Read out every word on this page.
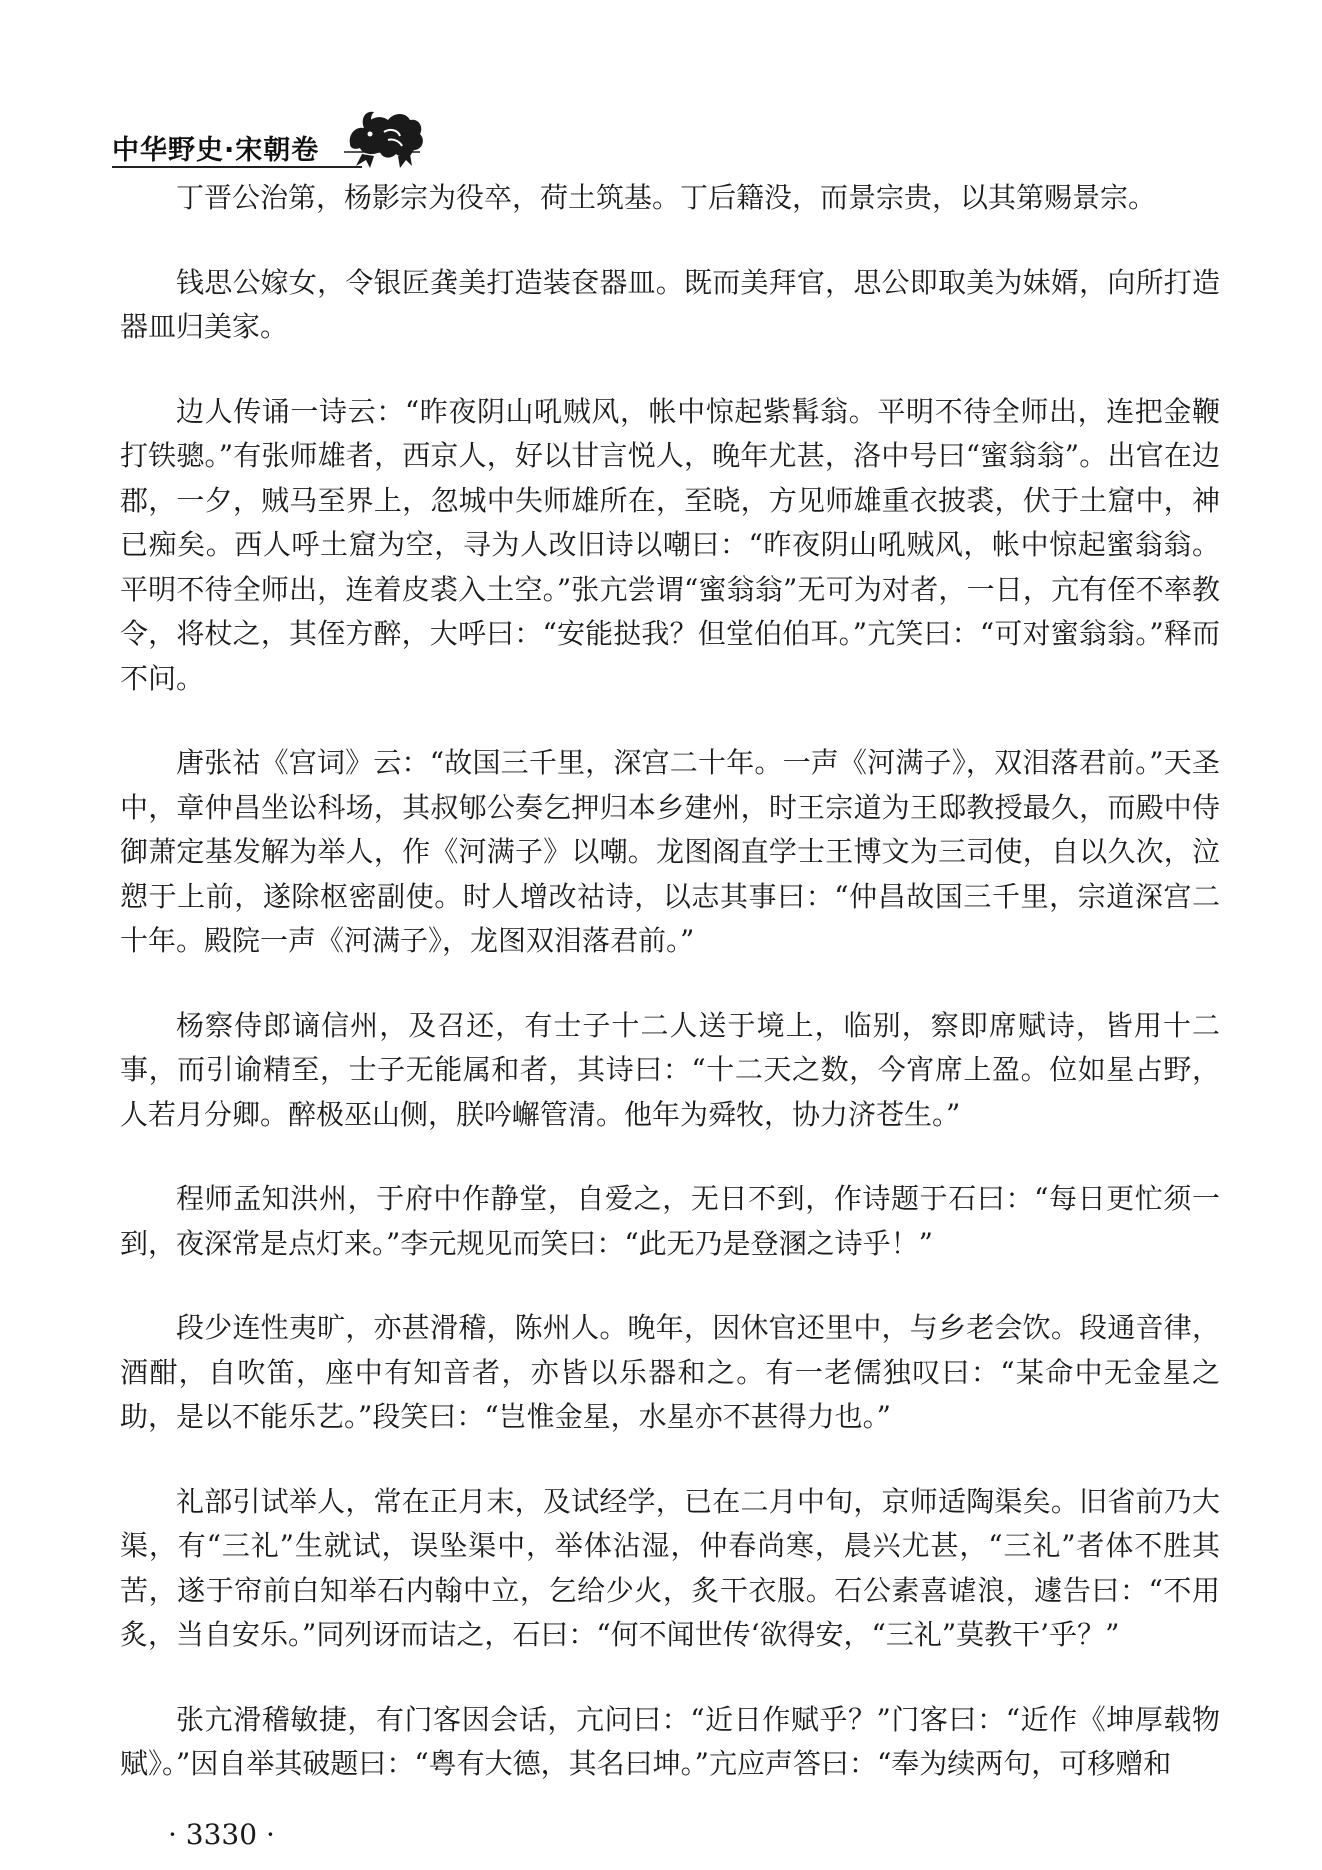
中华野史·宋朝卷

丁晋公治第，杨影宗为役卒，荷土筑基。丁后籍没，而景宗贵，以其第赐景宗。

钱思公嫁女，令银匠龚美打造装奁器皿。既而美拜官，思公即取美为妹婿，向所打造器皿归美家。

边人传诵一诗云：“昨夜阴山吼贼风，帐中惊起紫髯翁。平明不待全师出，连把金鞭打铁骢。”有张师雄者，西京人，好以甘言悦人，晚年尤甚，洛中号曰“蜜翁翁”。出官在边郡，一夕，贼马至界上，忽城中失师雄所在，至晓，方见师雄重衣披裘，伏于土窟中，神已痴矣。西人呼土窟为空，寻为人改旧诗以嘲曰：“昨夜阴山吼贼风，帐中惊起蜜翁翁。平明不待全师出，连着皮裘入土空。”张亢尝谓“蜜翁翁”无可为对者，一日，亢有侄不率教令，将杖之，其侄方醉，大呼曰：“安能挞我？但堂伯伯耳。”亢笑曰：“可对蜜翁翁。”释而不问。

唐张祜《宫词》云：“故国三千里，深宫二十年。一声《河满子》，双泪落君前。”天圣中，章仲昌坐讼科场，其叔郇公奏乞押归本乡建州，时王宗道为王邸教授最久，而殿中侍御萧定基发解为举人，作《河满子》以嘲。龙图阁直学士王博文为三司使，自以久次，泣愬于上前，遂除枢密副使。时人增改祜诗，以志其事曰：“仲昌故国三千里，宗道深宫二十年。殿院一声《河满子》，龙图双泪落君前。”

杨察侍郎谪信州，及召还，有士子十二人送于境上，临别，察即席赋诗，皆用十二事，而引谕精至，士子无能属和者，其诗曰：“十二天之数，今宵席上盈。位如星占野，人若月分卿。醉极巫山侧，朕吟嶰管清。他年为舜牧，协力济苍生。”

程师孟知洪州，于府中作静堂，自爱之，无日不到，作诗题于石曰：“每日更忙须一到，夜深常是点灯来。”李元规见而笑曰：“此无乃是登溷之诗乎！”

段少连性夷旷，亦甚滑稽，陈州人。晚年，因休官还里中，与乡老会饮。段通音律，酒酣，自吹笛，座中有知音者，亦皆以乐器和之。有一老儒独叹曰：“某命中无金星之助，是以不能乐艺。”段笑曰：“岂惟金星，水星亦不甚得力也。”

礼部引试举人，常在正月末，及试经学，已在二月中旬，京师适陶渠矣。旧省前乃大渠，有“三礼”生就试，误坠渠中，举体沾湿，仲春尚寒，晨兴尤甚，“三礼”者体不胜其苦，遂于帘前白知举石内翰中立，乞给少火，炙干衣服。石公素喜谑浪，遽告曰：“不用炙，当自安乐。”同列讶而诘之，石曰：“何不闻世传‘欲得安，“三礼”莫教干’乎？”

张亢滑稽敏捷，有门客因会话，亢问曰：“近日作赋乎？”门客曰：“近作《坤厚载物赋》。”因自举其破题曰：“粤有大德，其名曰坤。”亢应声答曰：“奉为续两句，可移赠和

· 3330 ·
